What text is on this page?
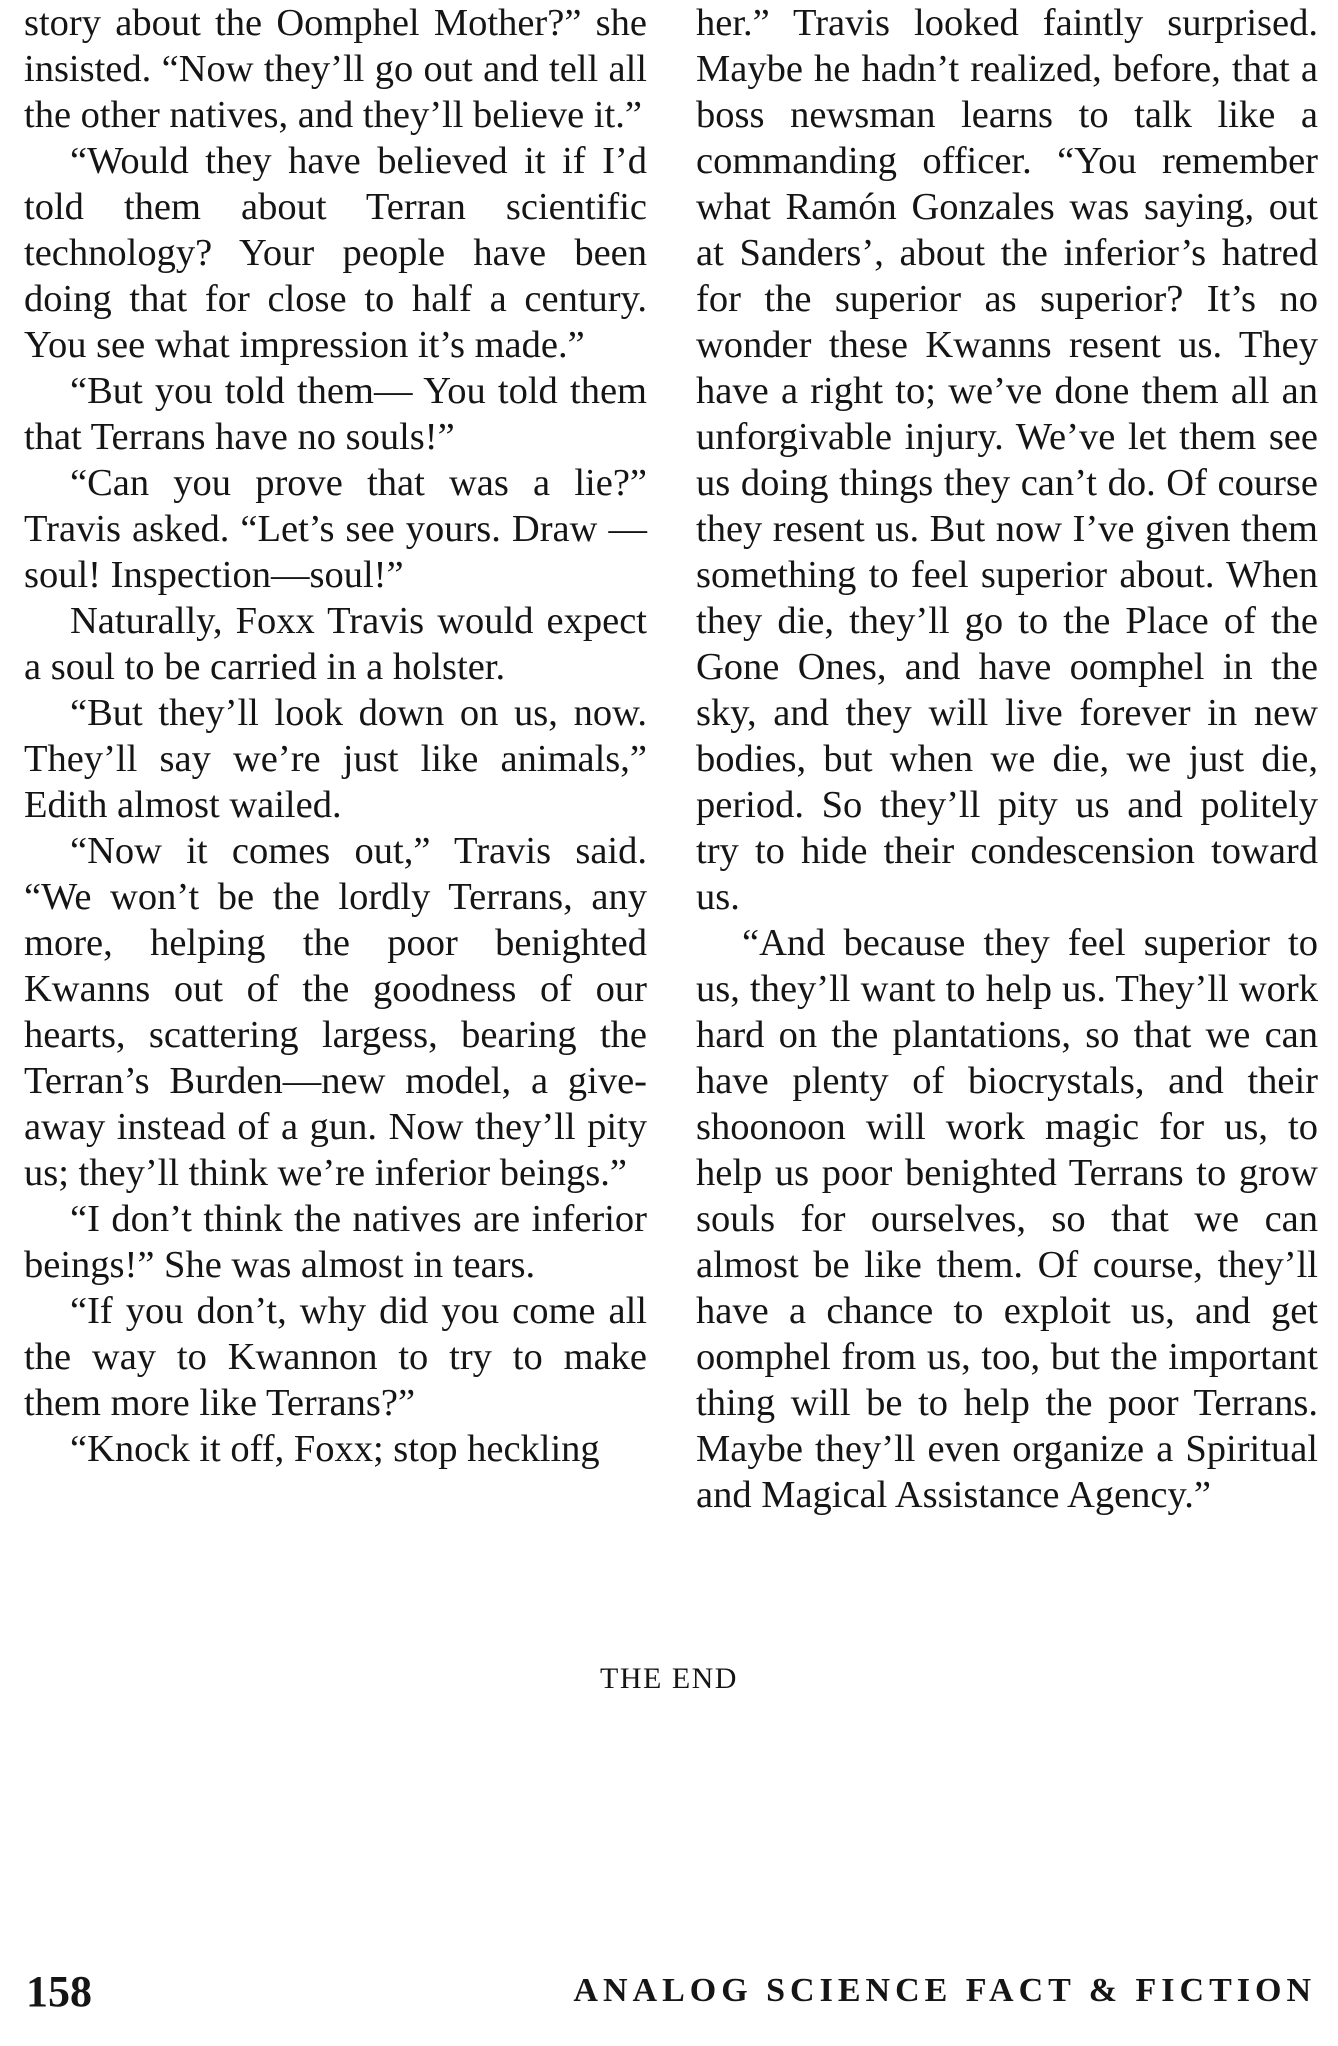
story about the Oomphel Mother?” she insisted. “Now they’ll go out and tell all the other natives, and they’ll believe it.”

“Would they have believed it if I’d told them about Terran scientific technology? Your people have been doing that for close to half a century. You see what impression it’s made.”

“But you told them— You told them that Terrans have no souls!”

“Can you prove that was a lie?” Travis asked. “Let’s see yours. Draw —soul! Inspection—soul!”

Naturally, Foxx Travis would expect a soul to be carried in a holster.

“But they’ll look down on us, now. They’ll say we’re just like animals,” Edith almost wailed.

“Now it comes out,” Travis said. “We won’t be the lordly Terrans, any more, helping the poor benighted Kwanns out of the goodness of our hearts, scattering largess, bearing the Terran’s Burden—new model, a give-away instead of a gun. Now they’ll pity us; they’ll think we’re inferior beings.”

“I don’t think the natives are inferior beings!” She was almost in tears.

“If you don’t, why did you come all the way to Kwannon to try to make them more like Terrans?”

“Knock it off, Foxx; stop heckling

her.” Travis looked faintly surprised. Maybe he hadn’t realized, before, that a boss newsman learns to talk like a commanding officer. “You remember what Ramón Gonzales was saying, out at Sanders’, about the inferior’s hatred for the superior as superior? It’s no wonder these Kwanns resent us. They have a right to; we’ve done them all an unforgivable injury. We’ve let them see us doing things they can’t do. Of course they resent us. But now I’ve given them something to feel superior about. When they die, they’ll go to the Place of the Gone Ones, and have oomphel in the sky, and they will live forever in new bodies, but when we die, we just die, period. So they’ll pity us and politely try to hide their condescension toward us.

“And because they feel superior to us, they’ll want to help us. They’ll work hard on the plantations, so that we can have plenty of biocrystals, and their shoonoon will work magic for us, to help us poor benighted Terrans to grow souls for ourselves, so that we can almost be like them. Of course, they’ll have a chance to exploit us, and get oomphel from us, too, but the important thing will be to help the poor Terrans. Maybe they’ll even organize a Spiritual and Magical Assistance Agency.”

THE END
158	ANALOG SCIENCE FACT & FICTION
